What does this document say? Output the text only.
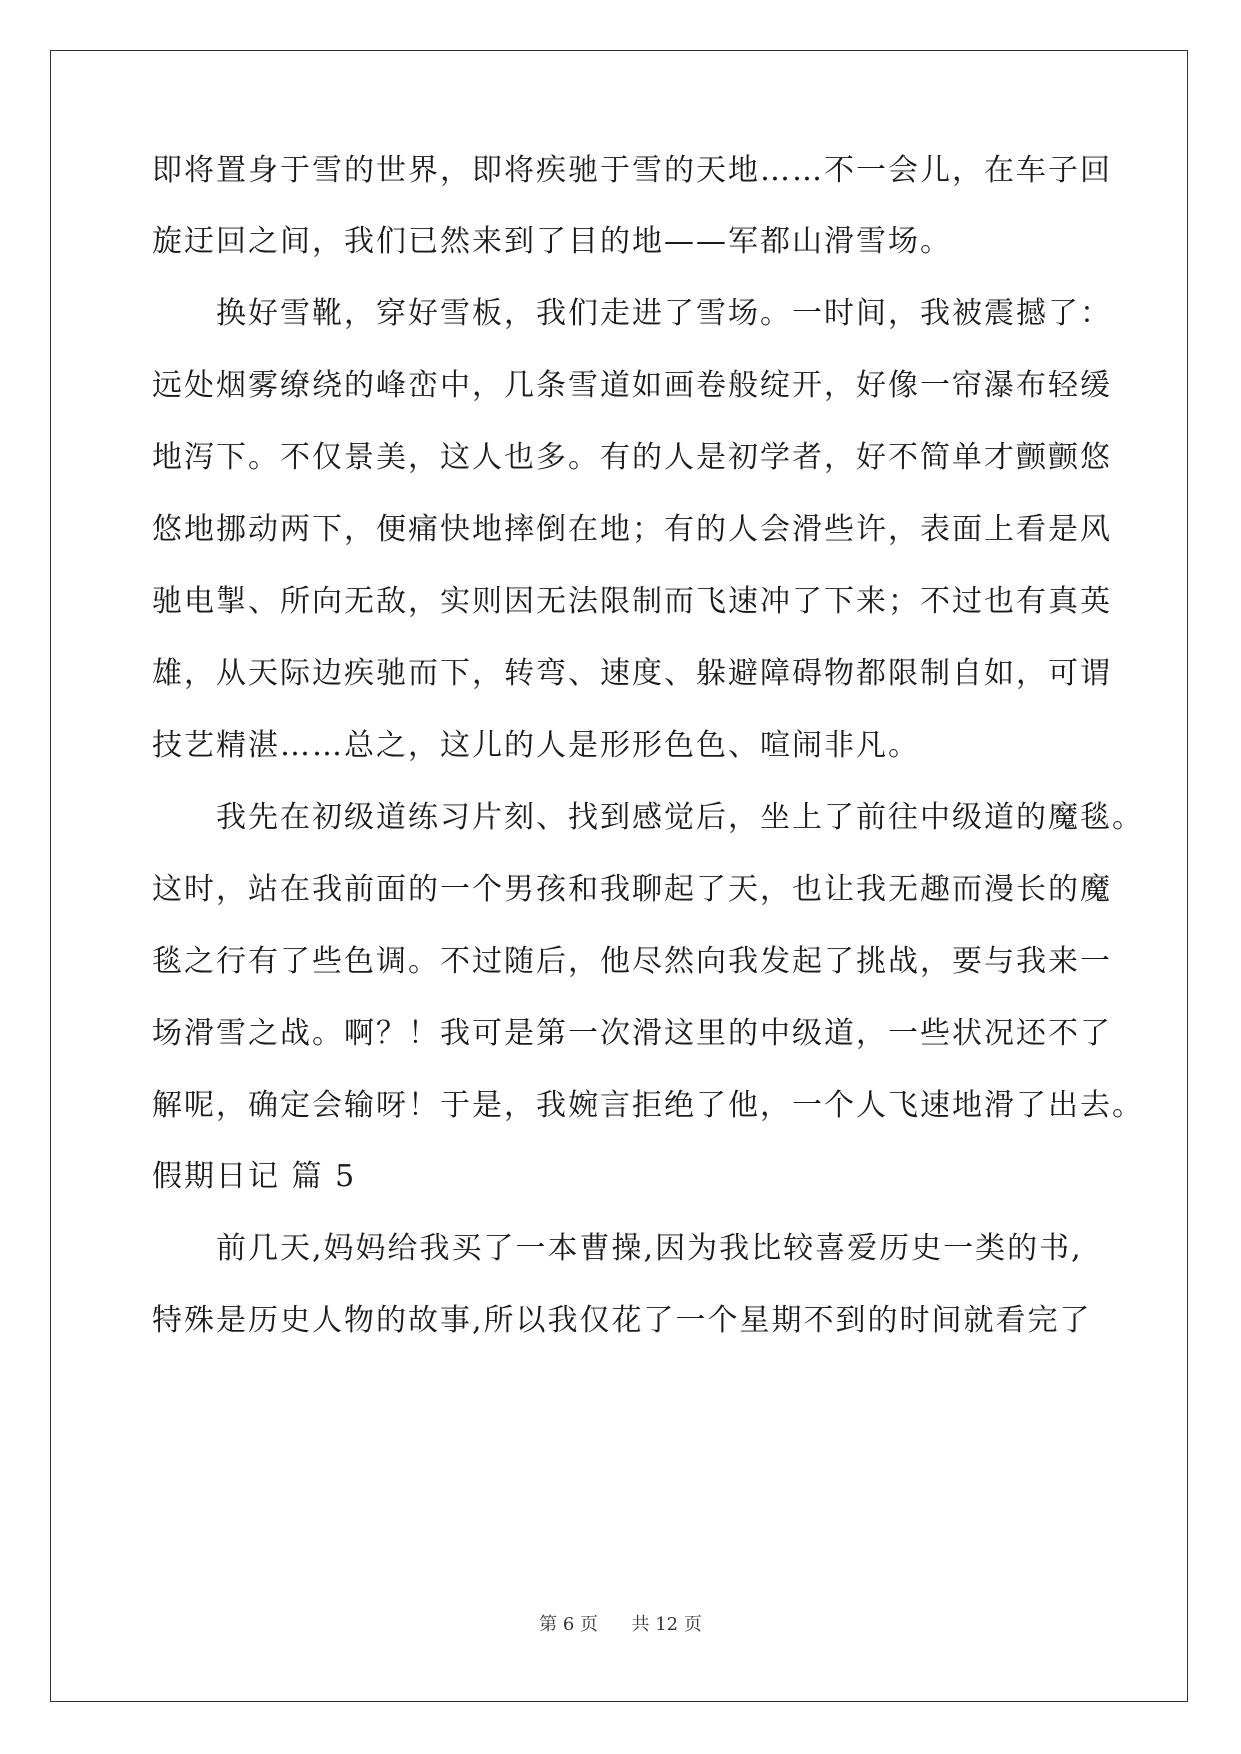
即将置身于雪的世界，即将疾驰于雪的天地……不一会儿，在车子回
旋迂回之间，我们已然来到了目的地——军都山滑雪场。
　　换好雪靴，穿好雪板，我们走进了雪场。一时间，我被震撼了：
远处烟雾缭绕的峰峦中，几条雪道如画卷般绽开，好像一帘瀑布轻缓
地泻下。不仅景美，这人也多。有的人是初学者，好不简单才颤颤悠
悠地挪动两下，便痛快地摔倒在地；有的人会滑些许，表面上看是风
驰电掣、所向无敌，实则因无法限制而飞速冲了下来；不过也有真英
雄，从天际边疾驰而下，转弯、速度、躲避障碍物都限制自如，可谓
技艺精湛……总之，这儿的人是形形色色、喧闹非凡。
　　我先在初级道练习片刻、找到感觉后，坐上了前往中级道的魔毯。
这时，站在我前面的一个男孩和我聊起了天，也让我无趣而漫长的魔
毯之行有了些色调。不过随后，他尽然向我发起了挑战，要与我来一
场滑雪之战。啊？！我可是第一次滑这里的中级道，一些状况还不了
解呢，确定会输呀！于是，我婉言拒绝了他，一个人飞速地滑了出去。
假期日记 篇 5
　　前几天,妈妈给我买了一本曹操,因为我比较喜爱历史一类的书,
特殊是历史人物的故事,所以我仅花了一个星期不到的时间就看完了
第 6 页 共 12 页
